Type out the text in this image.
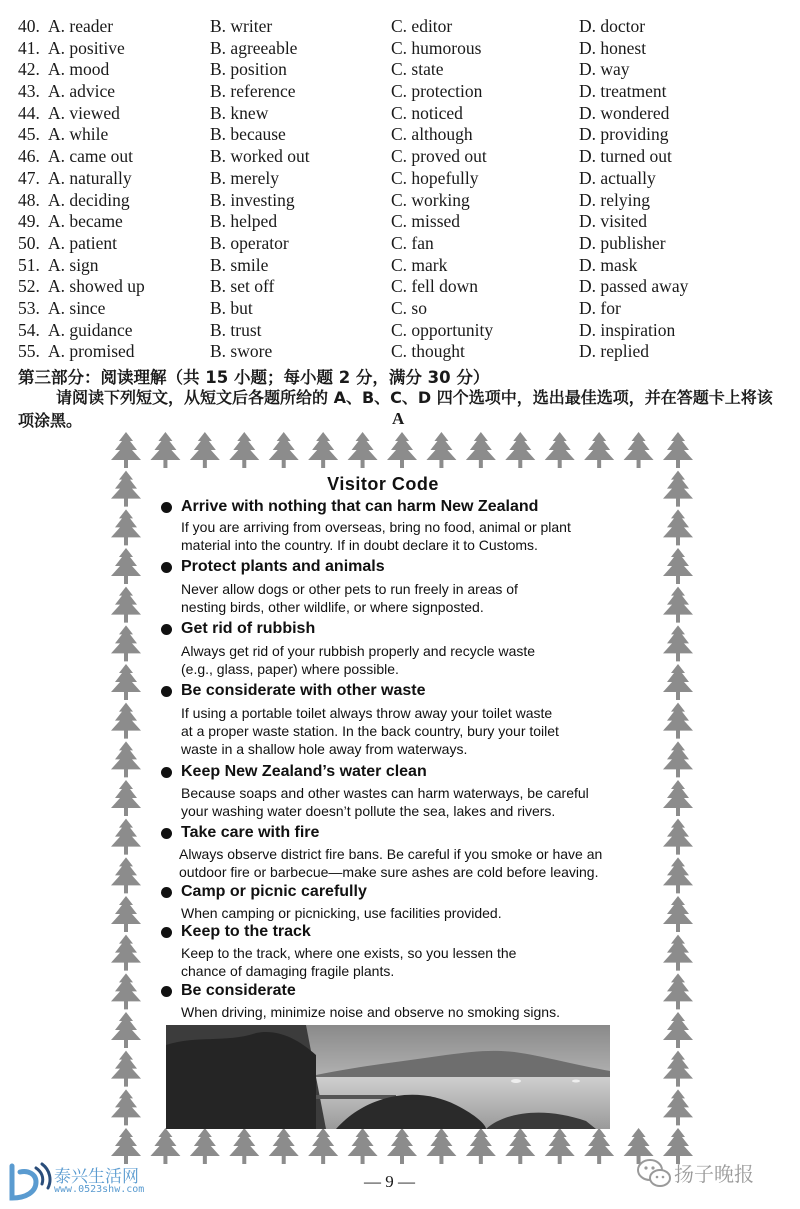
40. A. reader	B. writer	C. editor	D. doctor
41. A. positive	B. agreeable	C. humorous	D. honest
42. A. mood	B. position	C. state	D. way
43. A. advice	B. reference	C. protection	D. treatment
44. A. viewed	B. knew	C. noticed	D. wondered
45. A. while	B. because	C. although	D. providing
46. A. came out	B. worked out	C. proved out	D. turned out
47. A. naturally	B. merely	C. hopefully	D. actually
48. A. deciding	B. investing	C. working	D. relying
49. A. became	B. helped	C. missed	D. visited
50. A. patient	B. operator	C. fan	D. publisher
51. A. sign	B. smile	C. mark	D. mask
52. A. showed up	B. set off	C. fell down	D. passed away
53. A. since	B. but	C. so	D. for
54. A. guidance	B. trust	C. opportunity	D. inspiration
55. A. promised	B. swore	C. thought	D. replied
第三部分：阅读理解（共 15 小题；每小题 2 分，满分 30 分）

请阅读下列短文，从短文后各题所给的 A、B、C、D 四个选项中，选出最佳选项，并在答题卡上将该项涂黑。	A
Visitor Code
Arrive with nothing that can harm New Zealand
If you are arriving from overseas, bring no food, animal or plant
material into the country. If in doubt declare it to Customs.
Protect plants and animals
Never allow dogs or other pets to run freely in areas of
nesting birds, other wildlife, or where signposted.
Get rid of rubbish
Always get rid of your rubbish properly and recycle waste
(e.g., glass, paper) where possible.
Be considerate with other waste
If using a portable toilet always throw away your toilet waste
at a proper waste station. In the back country, bury your toilet
waste in a shallow hole away from waterways.
Keep New Zealand’s water clean
Because soaps and other wastes can harm waterways, be careful
your washing water doesn’t pollute the sea, lakes and rivers.
Take care with fire
Always observe district fire bans. Be careful if you smoke or have an
outdoor fire or barbecue—make sure ashes are cold before leaving.
Camp or picnic carefully
When camping or picnicking, use facilities provided.
Keep to the track
Keep to the track, where one exists, so you lessen the
chance of damaging fragile plants.
Be considerate
When driving, minimize noise and observe no smoking signs.
— 9 —
泰兴生活网
www.0523shw.com
扬子晚报
